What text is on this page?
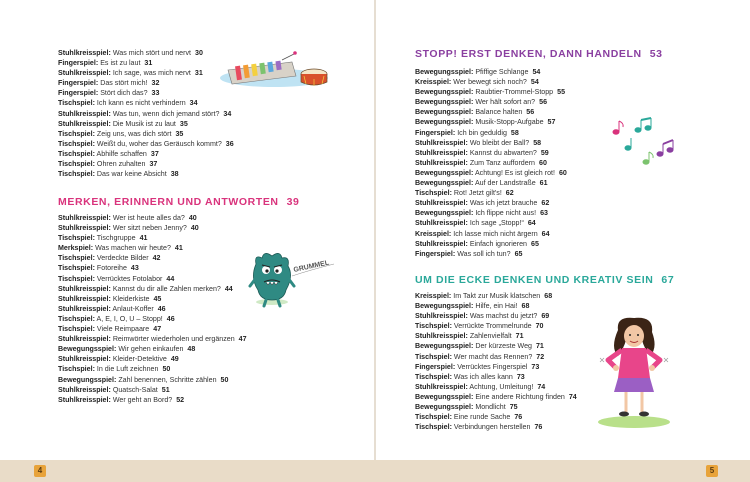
Stuhlkreisspiel: Was mich stört und nervt 30
Fingerspiel: Es ist zu laut 31
Stuhlkreisspiel: Ich sage, was mich nervt 31
Fingerspiel: Das stört mich! 32
Fingerspiel: Stört dich das? 33
Tischspiel: Ich kann es nicht verhindern 34
Stuhlkreisspiel: Was tun, wenn dich jemand stört? 34
Stuhlkreisspiel: Die Musik ist zu laut 35
Tischspiel: Zeig uns, was dich stört 35
Tischspiel: Weißt du, woher das Geräusch kommt? 36
Tischspiel: Abhilfe schaffen 37
Tischspiel: Ohren zuhalten 37
Tischspiel: Das war keine Absicht 38
MERKEN, ERINNERN UND ANTWORTEN 39
Stuhlkreisspiel: Wer ist heute alles da? 40
Stuhlkreisspiel: Wer sitzt neben Jenny? 40
Tischspiel: Tischgruppe 41
Merkspiel: Was machen wir heute? 41
Tischspiel: Verdeckte Bilder 42
Tischspiel: Fotoreihe 43
Tischspiel: Verrücktes Fotolabor 44
Stuhlkreisspiel: Kannst du dir alle Zahlen merken? 44
Stuhlkreisspiel: Kleiderkiste 45
Stuhlkreisspiel: Anlaut-Koffer 46
Tischspiel: A, E, I, O, U – Stopp! 46
Tischspiel: Viele Reimpaare 47
Stuhlkreisspiel: Reimwörter wiederholen und ergänzen 47
Bewegungsspiel: Wir gehen einkaufen 48
Stuhlkreisspiel: Kleider-Detektive 49
Tischspiel: In die Luft zeichnen 50
Bewegungsspiel: Zahl benennen, Schritte zählen 50
Stuhlkreisspiel: Quatsch-Salat 51
Stuhlkreisspiel: Wer geht an Bord? 52
4
GRUMMEL
STOPP! ERST DENKEN, DANN HANDELN 53
Bewegungsspiel: Pfiffige Schlange 54
Kreisspiel: Wer bewegt sich noch? 54
Bewegungsspiel: Raubtier-Trommel-Stopp 55
Bewegungsspiel: Wer hält sofort an? 56
Bewegungsspiel: Balance halten 56
Bewegungsspiel: Musik-Stopp-Aufgabe 57
Fingerspiel: Ich bin geduldig 58
Stuhlkreisspiel: Wo bleibt der Ball? 58
Stuhlkreisspiel: Kannst du abwarten? 59
Stuhlkreisspiel: Zum Tanz auffordern 60
Bewegungsspiel: Achtung! Es ist gleich rot! 60
Bewegungsspiel: Auf der Landstraße 61
Tischspiel: Rot! Jetzt gilt's! 62
Stuhlkreisspiel: Was ich jetzt brauche 62
Bewegungsspiel: Ich flippe nicht aus! 63
Stuhlkreisspiel: Ich sage „Stopp!“ 64
Kreisspiel: Ich lasse mich nicht ärgern 64
Stuhlkreisspiel: Einfach ignorieren 65
Fingerspiel: Was soll ich tun? 65
UM DIE ECKE DENKEN UND KREATIV SEIN 67
Kreisspiel: Im Takt zur Musik klatschen 68
Bewegungsspiel: Hilfe, ein Hai! 68
Stuhlkreisspiel: Was machst du jetzt? 69
Tischspiel: Verrückte Trommelrunde 70
Stuhlkreisspiel: Zahlenvielfalt 71
Bewegungsspiel: Der kürzeste Weg 71
Tischspiel: Wer macht das Rennen? 72
Fingerspiel: Verrücktes Fingerspiel 73
Tischspiel: Was ich alles kann 73
Stuhlkreisspiel: Achtung, Umleitung! 74
Bewegungsspiel: Eine andere Richtung finden 74
Bewegungsspiel: Mondlicht 75
Tischspiel: Eine runde Sache 76
Tischspiel: Verbindungen herstellen 76
5
